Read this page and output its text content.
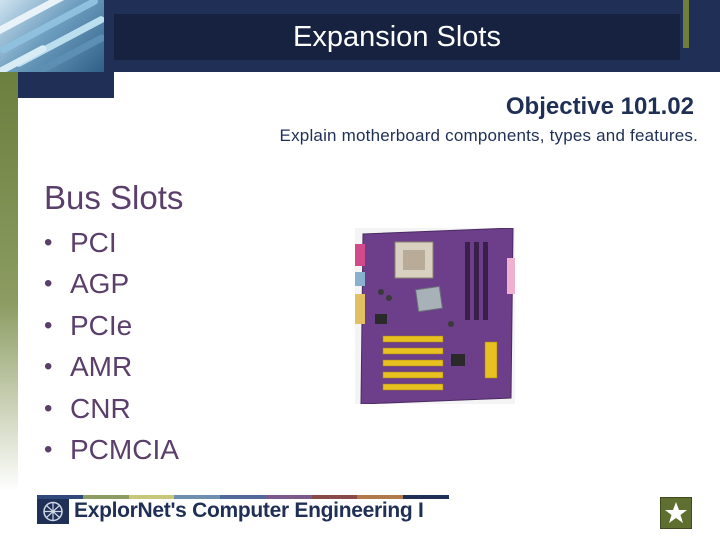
Expansion Slots
Objective 101.02
Explain motherboard components, types and features.
Bus Slots
• PCI
• AGP
• PCIe
• AMR
• CNR
• PCMCIA
ExplorNet's Computer Engineering I
